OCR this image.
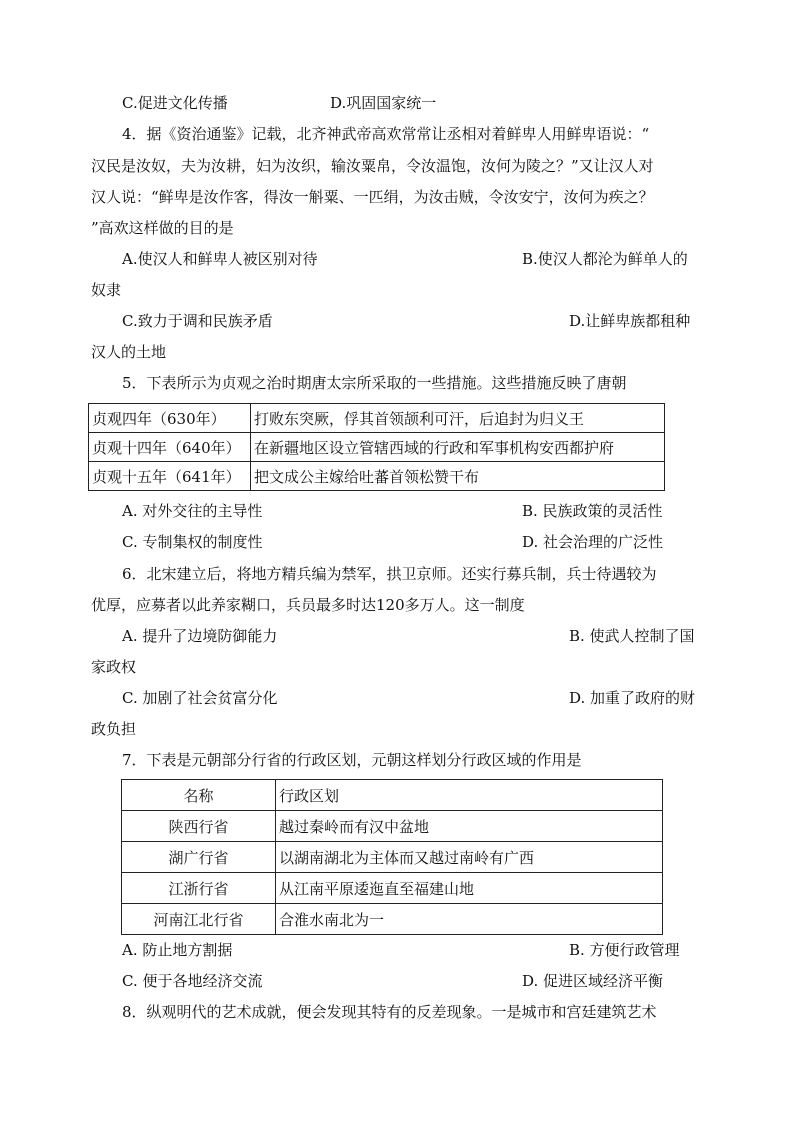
C.促进文化传播	D.巩固国家统一
4．据《资治通鉴》记载，北齐神武帝高欢常常让丞相对着鲜卑人用鲜卑语说：“
汉民是汝奴，夫为汝耕，妇为汝织，输汝粟帛，令汝温饱，汝何为陵之？”又让汉人对
汉人说：“鲜卑是汝作客，得汝一斛粟、一匹绢，为汝击贼，令汝安宁，汝何为疾之？
”高欢这样做的目的是
A.使汉人和鲜卑人被区别对待	B.使汉人都沦为鲜单人的
奴隶
C.致力于调和民族矛盾	D.让鲜卑族都租种
汉人的土地
5．下表所示为贞观之治时期唐太宗所采取的一些措施。这些措施反映了唐朝
贞观四年（630年）	打败东突厥，俘其首领颉利可汗，后追封为归义王
贞观十四年（640年）	在新疆地区设立管辖西域的行政和军事机构安西都护府
贞观十五年（641年）	把文成公主嫁给吐蕃首领松赞干布
A. 对外交往的主导性	B. 民族政策的灵活性
C. 专制集权的制度性	D. 社会治理的广泛性
6．北宋建立后，将地方精兵编为禁军，拱卫京师。还实行募兵制，兵士待遇较为
优厚，应募者以此养家糊口，兵员最多时达120多万人。这一制度
A. 提升了边境防御能力	B. 使武人控制了国
家政权
C. 加剧了社会贫富分化	D. 加重了政府的财
政负担
7．下表是元朝部分行省的行政区划，元朝这样划分行政区域的作用是
名称	行政区划
陕西行省	越过秦岭而有汉中盆地
湖广行省	以湖南湖北为主体而又越过南岭有广西
江浙行省	从江南平原逶迤直至福建山地
河南江北行省	合淮水南北为一
A. 防止地方割据	B. 方便行政管理
C. 便于各地经济交流	D. 促进区域经济平衡
8．纵观明代的艺术成就，便会发现其特有的反差现象。一是城市和宫廷建筑艺术
